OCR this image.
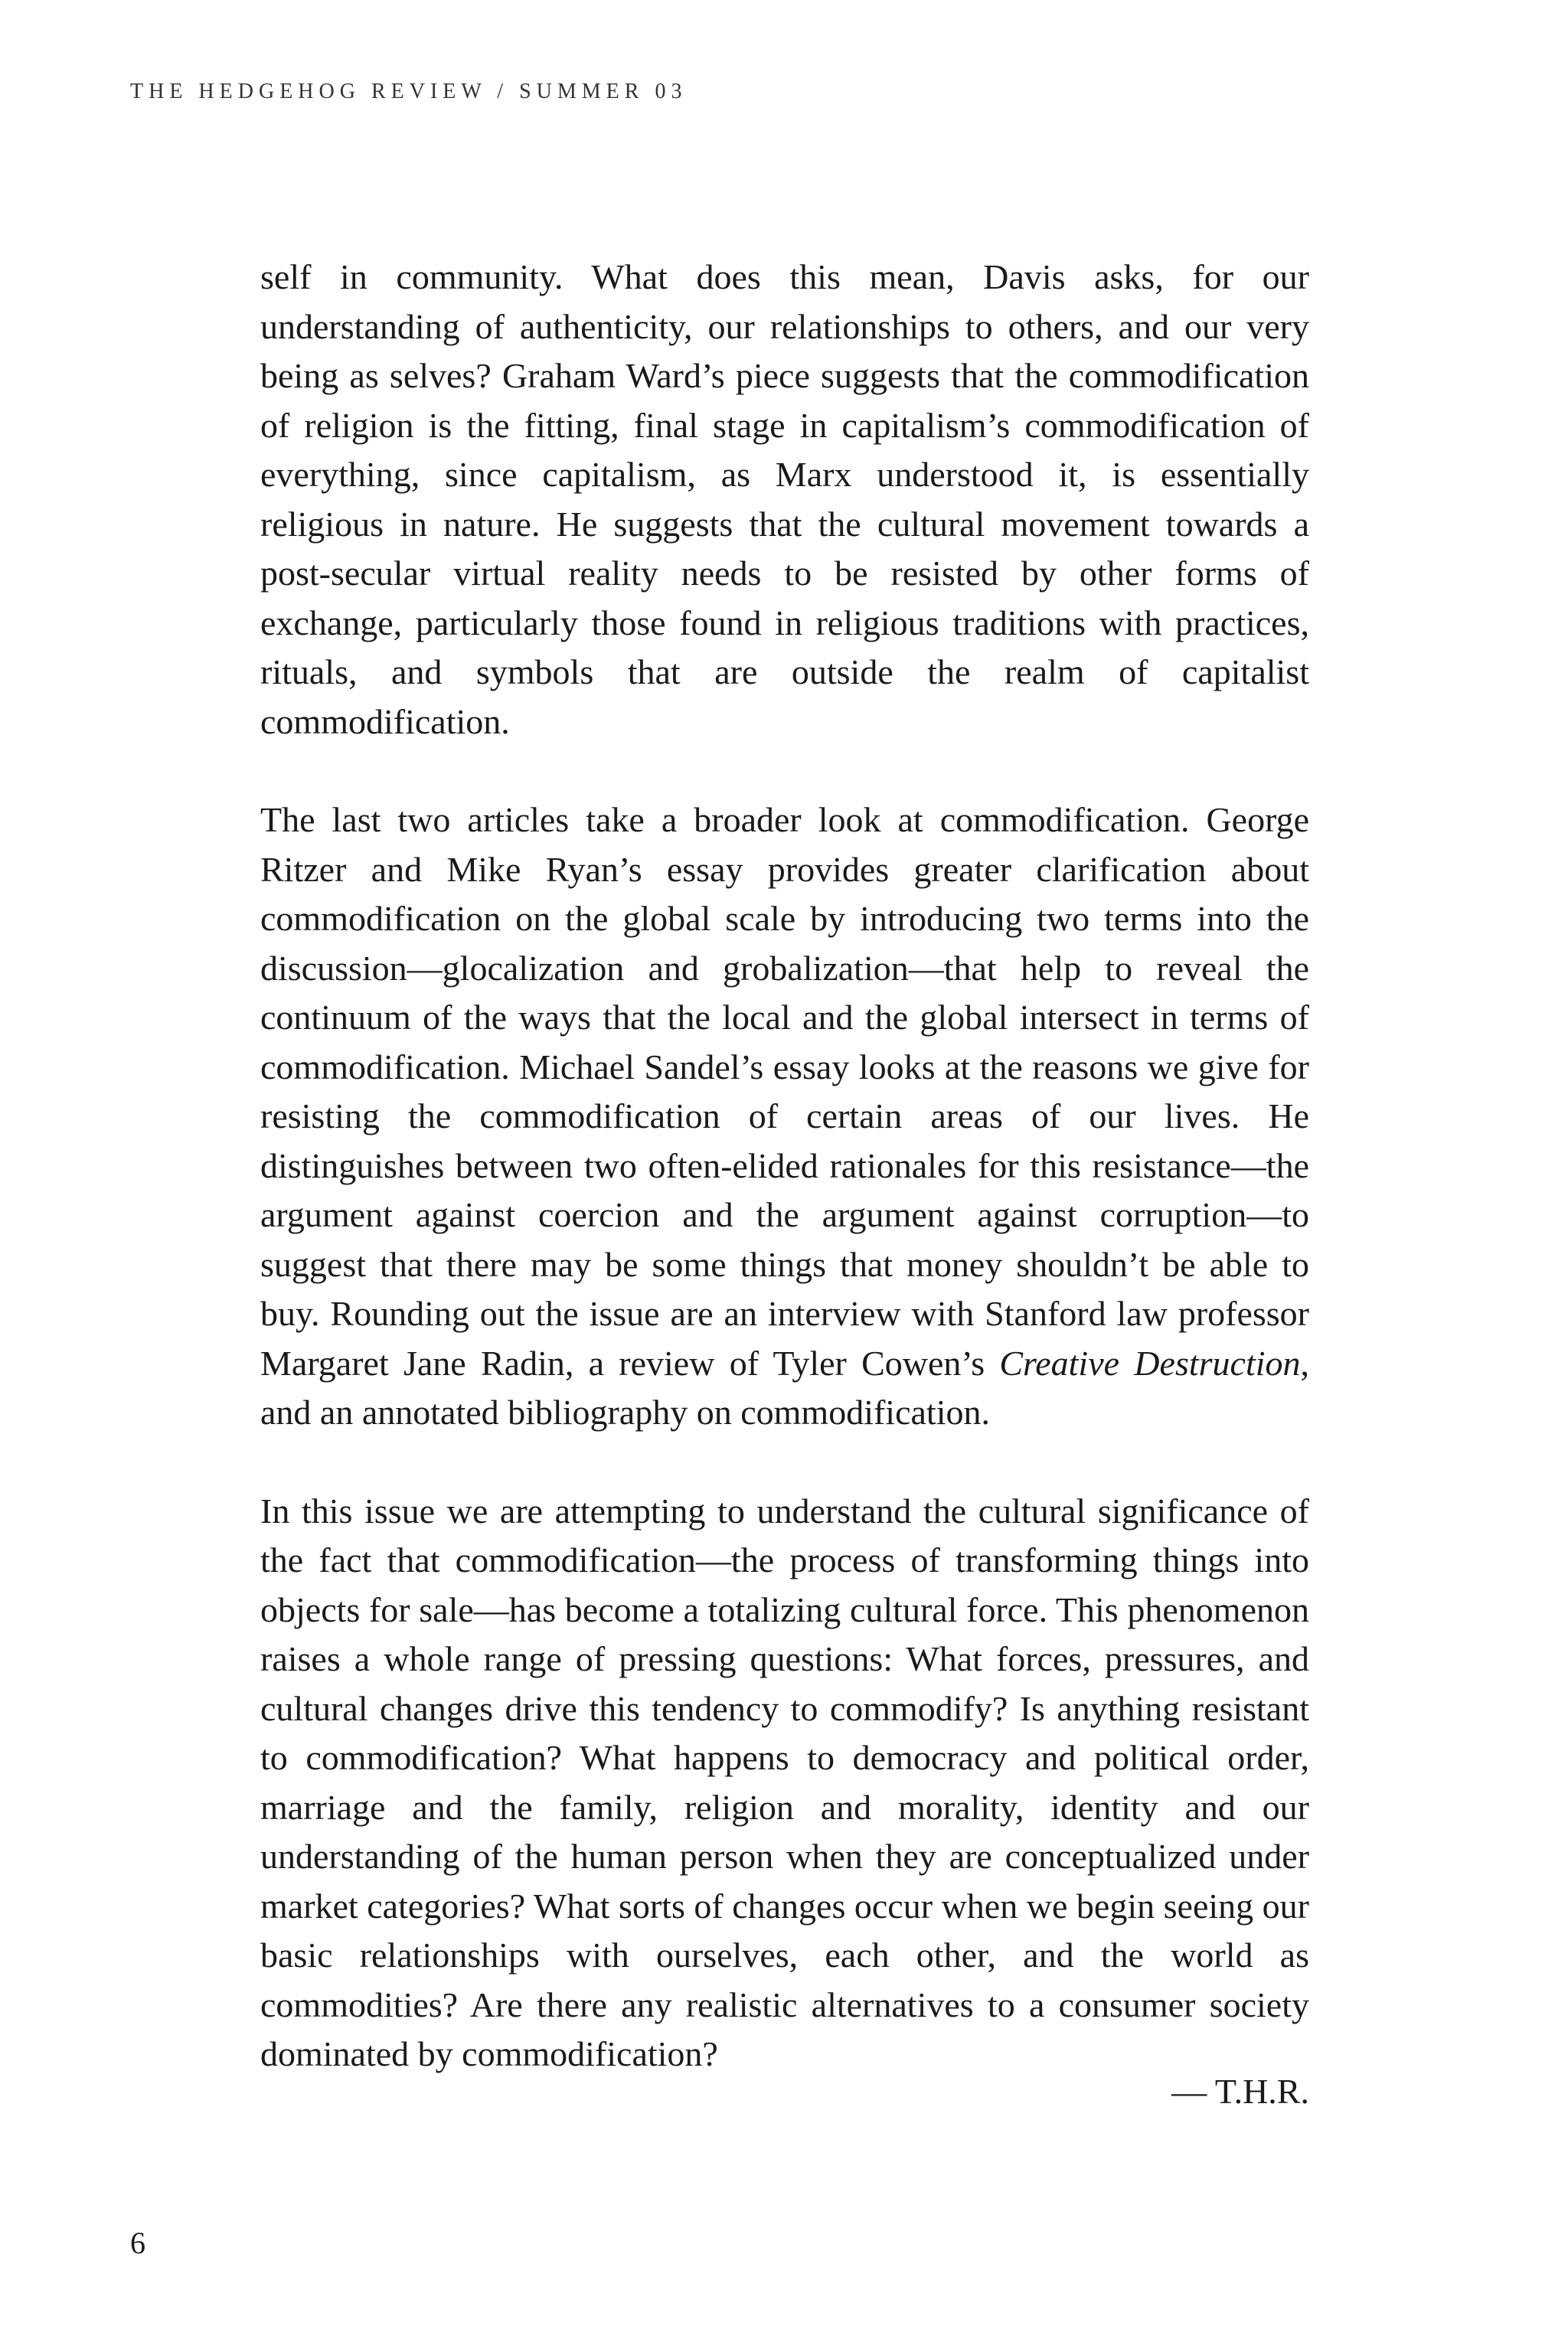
THE HEDGEHOG REVIEW / SUMMER 03

self in community. What does this mean, Davis asks, for our understanding of authenticity, our relationships to others, and our very being as selves? Graham Ward’s piece suggests that the commodification of religion is the fitting, final stage in capitalism’s commodification of everything, since capitalism, as Marx understood it, is essentially religious in nature. He suggests that the cultural movement towards a post-secular virtual reality needs to be resisted by other forms of exchange, particularly those found in religious traditions with practices, rituals, and symbols that are outside the realm of capitalist commodification.

The last two articles take a broader look at commodification. George Ritzer and Mike Ryan’s essay provides greater clarification about commodification on the global scale by introducing two terms into the discussion—glocalization and grobalization—that help to reveal the continuum of the ways that the local and the global intersect in terms of commodification. Michael Sandel’s essay looks at the reasons we give for resisting the commodification of certain areas of our lives. He distinguishes between two often-elided rationales for this resistance—the argument against coercion and the argument against corruption—to suggest that there may be some things that money shouldn’t be able to buy. Rounding out the issue are an interview with Stanford law professor Margaret Jane Radin, a review of Tyler Cowen’s Creative Destruction, and an annotated bibliography on commodification.

In this issue we are attempting to understand the cultural significance of the fact that commodification—the process of transforming things into objects for sale—has become a totalizing cultural force. This phenomenon raises a whole range of pressing questions: What forces, pressures, and cultural changes drive this tendency to commodify? Is anything resistant to commodification? What happens to democracy and political order, marriage and the family, religion and morality, identity and our understanding of the human person when they are conceptualized under market categories? What sorts of changes occur when we begin seeing our basic relationships with ourselves, each other, and the world as commodities? Are there any realistic alternatives to a consumer society dominated by commodification?

— T.H.R.
6
